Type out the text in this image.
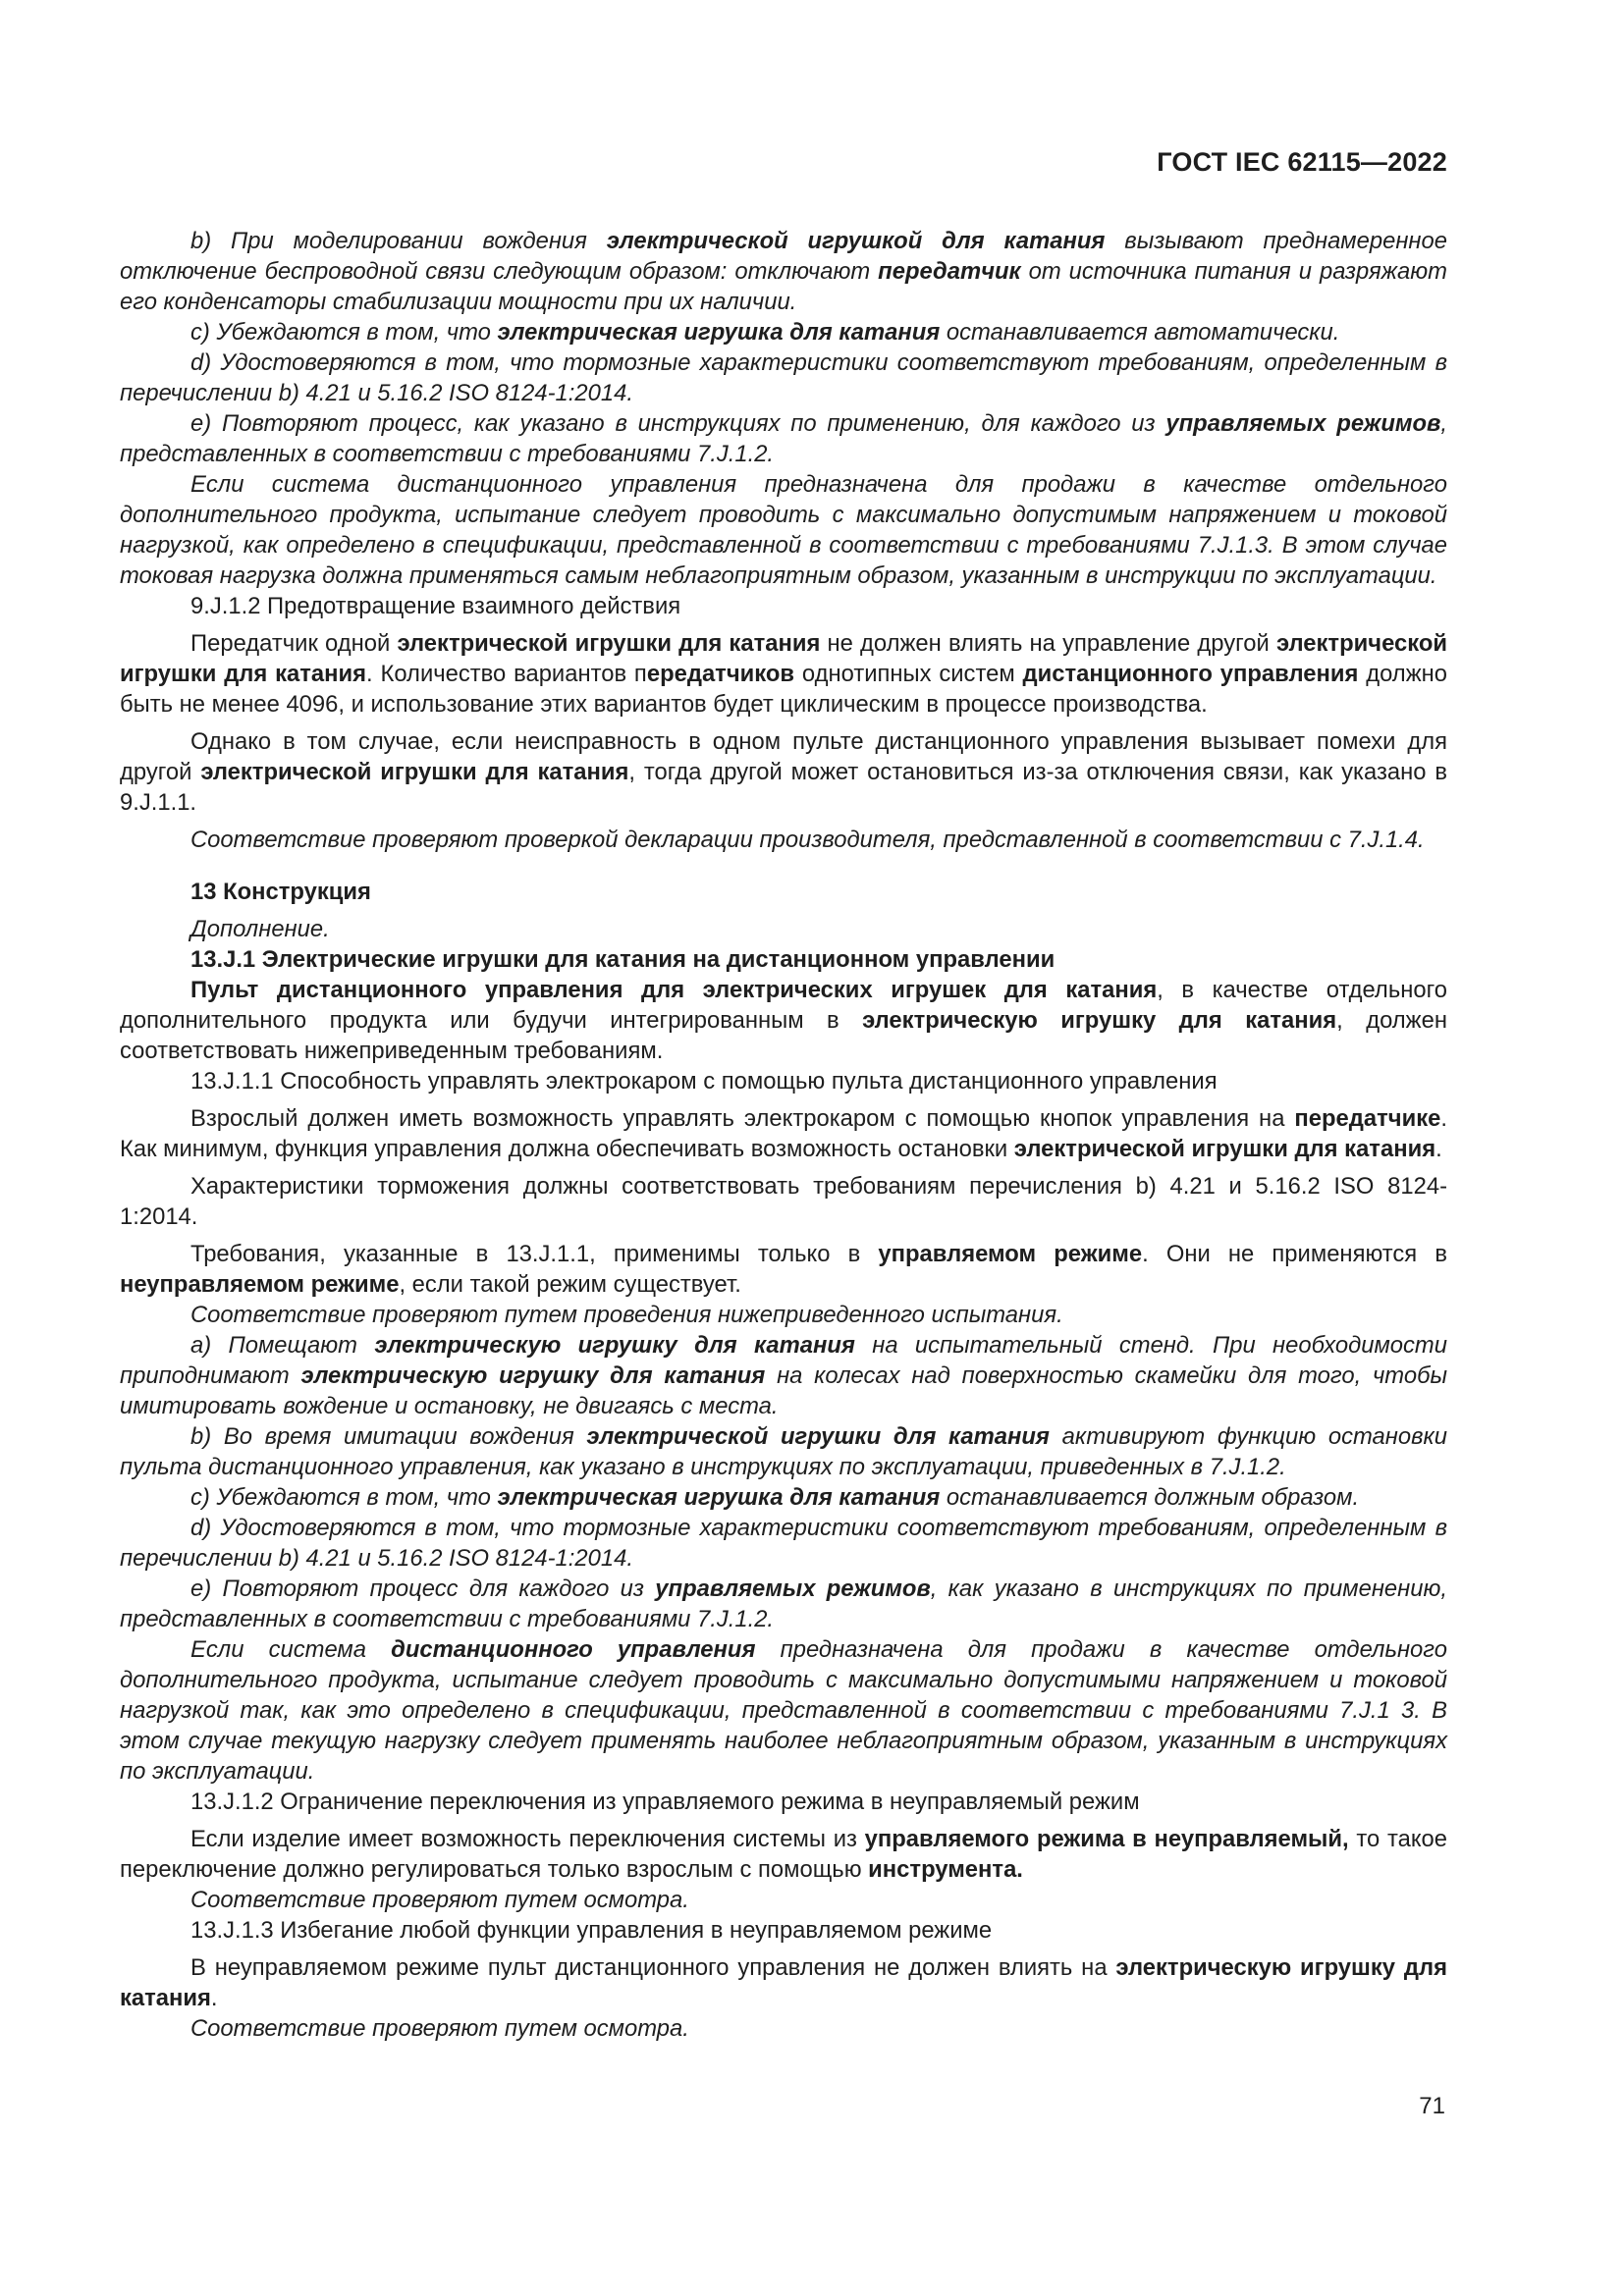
ГОСТ IEC 62115—2022

b) При моделировании вождения электрической игрушкой для катания вызывают преднамеренное отключение беспроводной связи следующим образом: отключают передатчик от источника питания и разряжают его конденсаторы стабилизации мощности при их наличии.

c) Убеждаются в том, что электрическая игрушка для катания останавливается автоматически.

d) Удостоверяются в том, что тормозные характеристики соответствуют требованиям, определенным в перечислении b) 4.21 и 5.16.2 ISO 8124-1:2014.

e) Повторяют процесс, как указано в инструкциях по применению, для каждого из управляемых режимов, представленных в соответствии с требованиями 7.J.1.2.

Если система дистанционного управления предназначена для продажи в качестве отдельного дополнительного продукта, испытание следует проводить с максимально допустимым напряжением и токовой нагрузкой, как определено в спецификации, представленной в соответствии с требованиями 7.J.1.3. В этом случае токовая нагрузка должна применяться самым неблагоприятным образом, указанным в инструкции по эксплуатации.

9.J.1.2 Предотвращение взаимного действия

Передатчик одной электрической игрушки для катания не должен влиять на управление другой электрической игрушки для катания. Количество вариантов передатчиков однотипных систем дистанционного управления должно быть не менее 4096, и использование этих вариантов будет циклическим в процессе производства.

Однако в том случае, если неисправность в одном пульте дистанционного управления вызывает помехи для другой электрической игрушки для катания, тогда другой может остановиться из-за отключения связи, как указано в 9.J.1.1.

Соответствие проверяют проверкой декларации производителя, представленной в соответствии с 7.J.1.4.

13 Конструкция

Дополнение.

13.J.1 Электрические игрушки для катания на дистанционном управлении

Пульт дистанционного управления для электрических игрушек для катания, в качестве отдельного дополнительного продукта или будучи интегрированным в электрическую игрушку для катания, должен соответствовать нижеприведенным требованиям.

13.J.1.1 Способность управлять электрокаром с помощью пульта дистанционного управления

Взрослый должен иметь возможность управлять электрокаром с помощью кнопок управления на передатчике. Как минимум, функция управления должна обеспечивать возможность остановки электрической игрушки для катания.

Характеристики торможения должны соответствовать требованиям перечисления b) 4.21 и 5.16.2 ISO 8124-1:2014.

Требования, указанные в 13.J.1.1, применимы только в управляемом режиме. Они не применяются в неуправляемом режиме, если такой режим существует.

Соответствие проверяют путем проведения нижеприведенного испытания.

a) Помещают электрическую игрушку для катания на испытательный стенд. При необходимости приподнимают электрическую игрушку для катания на колесах над поверхностью скамейки для того, чтобы имитировать вождение и остановку, не двигаясь с места.

b) Во время имитации вождения электрической игрушки для катания активируют функцию остановки пульта дистанционного управления, как указано в инструкциях по эксплуатации, приведенных в 7.J.1.2.

c) Убеждаются в том, что электрическая игрушка для катания останавливается должным образом.

d) Удостоверяются в том, что тормозные характеристики соответствуют требованиям, определенным в перечислении b) 4.21 и 5.16.2 ISO 8124-1:2014.

e) Повторяют процесс для каждого из управляемых режимов, как указано в инструкциях по применению, представленных в соответствии с требованиями 7.J.1.2.

Если система дистанционного управления предназначена для продажи в качестве отдельного дополнительного продукта, испытание следует проводить с максимально допустимыми напряжением и токовой нагрузкой так, как это определено в спецификации, представленной в соответствии с требованиями 7.J.1 3. В этом случае текущую нагрузку следует применять наиболее неблагоприятным образом, указанным в инструкциях по эксплуатации.

13.J.1.2 Ограничение переключения из управляемого режима в неуправляемый режим

Если изделие имеет возможность переключения системы из управляемого режима в неуправляемый, то такое переключение должно регулироваться только взрослым с помощью инструмента.

Соответствие проверяют путем осмотра.

13.J.1.3 Избегание любой функции управления в неуправляемом режиме

В неуправляемом режиме пульт дистанционного управления не должен влиять на электрическую игрушку для катания.

Соответствие проверяют путем осмотра.

71
